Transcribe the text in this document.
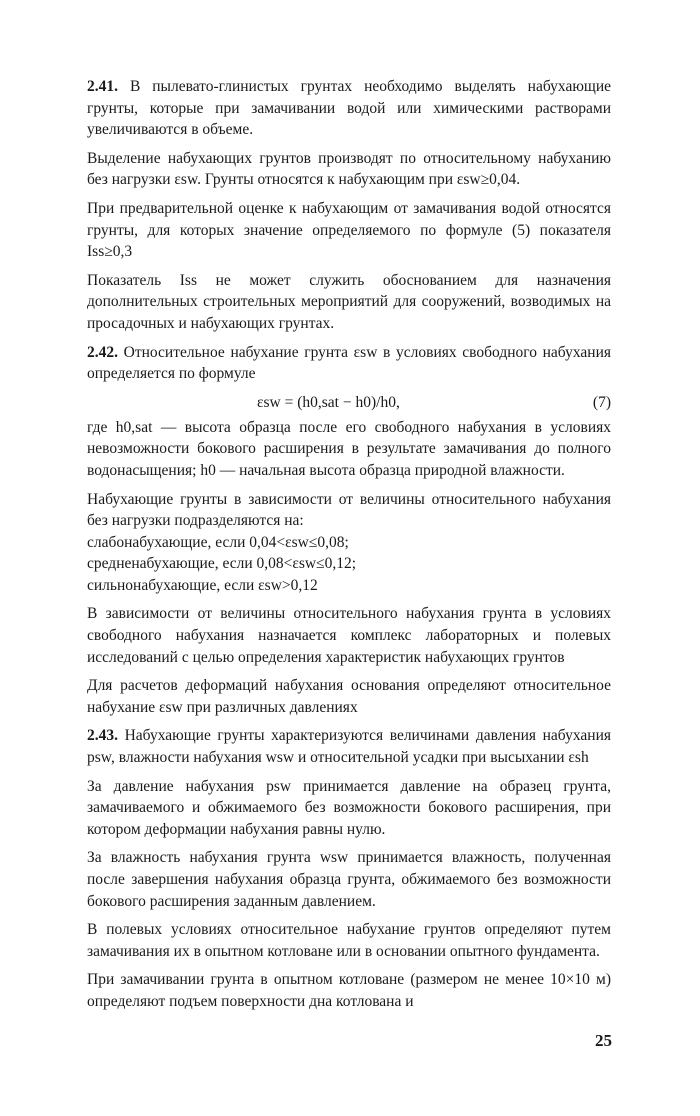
2.41. В пылевато-глинистых грунтах необходимо выделять набухающие грунты, которые при замачивании водой или химическими растворами увеличиваются в объеме.

Выделение набухающих грунтов производят по относительному набуханию без нагрузки εsw. Грунты относятся к набухающим при εsw≥0,04.

При предварительной оценке к набухающим от замачивания водой относятся грунты, для которых значение определяемого по формуле (5) показателя Iss≥0,3

Показатель Iss не может служить обоснованием для назначения дополнительных строительных мероприятий для сооружений, возводимых на просадочных и набухающих грунтах.

2.42. Относительное набухание грунта εsw в условиях свободного набухания определяется по формуле

εsw = (h0,sat − h0)/h0,	(7)

где h0,sat — высота образца после его свободного набухания в условиях невозможности бокового расширения в результате замачивания до полного водонасыщения; h0 — начальная высота образца природной влажности.

Набухающие грунты в зависимости от величины относительного набухания без нагрузки подразделяются на:

слабонабухающие, если 0,04<εsw≤0,08;
средненабухающие, если 0,08<εsw≤0,12;
сильнонабухающие, если εsw>0,12

В зависимости от величины относительного набухания грунта в условиях свободного набухания назначается комплекс лабораторных и полевых исследований с целью определения характеристик набухающих грунтов

Для расчетов деформаций набухания основания определяют относительное набухание εsw при различных давлениях

2.43. Набухающие грунты характеризуются величинами давления набухания psw, влажности набухания wsw и относительной усадки при высыхании εsh

За давление набухания psw принимается давление на образец грунта, замачиваемого и обжимаемого без возможности бокового расширения, при котором деформации набухания равны нулю.

За влажность набухания грунта wsw принимается влажность, полученная после завершения набухания образца грунта, обжимаемого без возможности бокового расширения заданным давлением.

В полевых условиях относительное набухание грунтов определяют путем замачивания их в опытном котловане или в основании опытного фундамента.

При замачивании грунта в опытном котловане (размером не менее 10×10 м) определяют подъем поверхности дна котлована и

25
